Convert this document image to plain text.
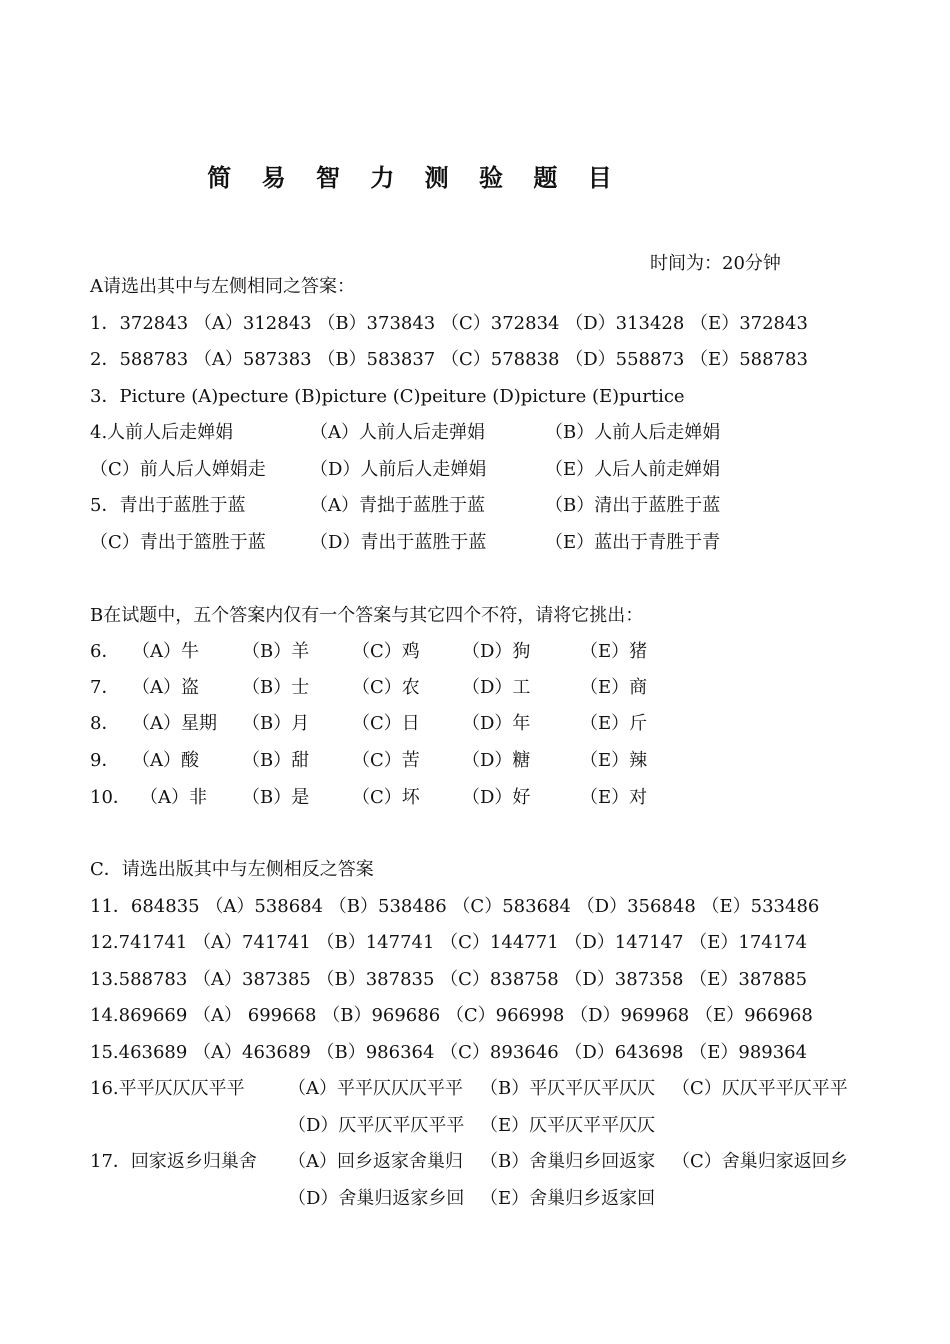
简 易 智 力 测 验 题 目
时间为：20分钟
A请选出其中与左侧相同之答案：
1．372843 （A）312843 （B）373843 （C）372834 （D）313428 （E）372843
2．588783 （A）587383 （B）583837 （C）578838 （D）558873 （E）588783
3．Picture (A)pecture (B)picture (C)peiture (D)picture (E)purtice
4.人前人后走婵娟	（A）人前人后走弹娟	（B）人前人后走婵娟
（C）前人后人婵娟走 （D）人前后人走婵娟	（E）人后人前走婵娟
5．青出于蓝胜于蓝	（A）青拙于蓝胜于蓝	（B）清出于蓝胜于蓝
（C）青出于篮胜于蓝 （D）青出于蓝胜于蓝	（E）蓝出于青胜于青
B在试题中，五个答案内仅有一个答案与其它四个不符，请将它挑出：
6． （A）牛 （B）羊 （C）鸡 （D）狗	（E）猪
7． （A）盗 （B）士 （C）农 （D）工	（E）商
8． （A）星期 （B）月 （C）日 （D）年	（E）斤
9． （A）酸 （B）甜 （C）苦 （D）糖	（E）辣
10． （A）非 （B）是 （C）坏 （D）好	（E）对
C．请选出版其中与左侧相反之答案
11．684835 （A）538684 （B）538486 （C）583684 （D）356848 （E）533486
12.741741 （A）741741 （B）147741 （C）144771 （D）147147 （E）174174
13.588783 （A）387385 （B）387835 （C）838758 （D）387358 （E）387885
14.869669 （A） 699668 （B）969686 （C）966998 （D）969968 （E）966968
15.463689 （A）463689 （B）986364 （C）893646 （D）643698 （E）989364
16.平平仄仄仄平平 （A）平平仄仄仄平平 （B）平仄平仄平仄仄 （C）仄仄平平仄平平
（D）仄平仄平仄平平 （E）仄平仄平平仄仄
17．回家返乡归巢舍 （A）回乡返家舍巢归 （B）舍巢归乡回返家 （C）舍巢归家返回乡
（D）舍巢归返家乡回 （E）舍巢归乡返家回
